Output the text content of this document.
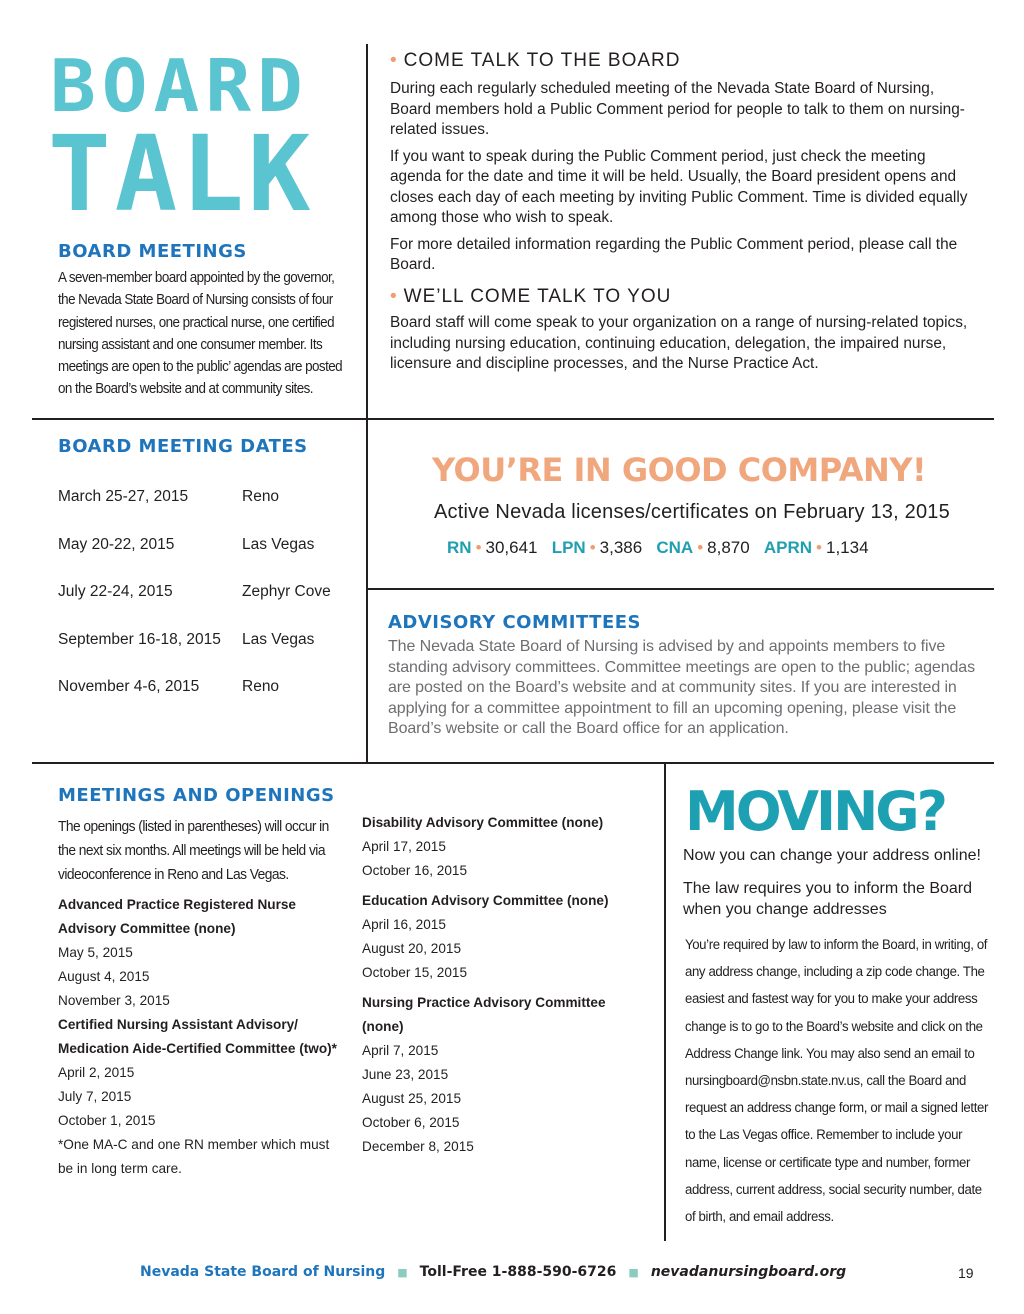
BOARD
TALK
BOARD MEETINGS
A seven-member board appointed by the governor, the Nevada State Board of Nursing consists of four registered nurses, one practical nurse, one certified nursing assistant and one consumer member. Its meetings are open to the public’ agendas are posted on the Board’s website and at community sites.
• COME TALK TO THE BOARD

During each regularly scheduled meeting of the Nevada State Board of Nursing, Board members hold a Public Comment period for people to talk to them on nursing-related issues.

If you want to speak during the Public Comment period, just check the meeting agenda for the date and time it will be held. Usually, the Board president opens and closes each day of each meeting by inviting Public Comment. Time is divided equally among those who wish to speak.

For more detailed information regarding the Public Comment period, please call the Board.

• WE’LL COME TALK TO YOU
Board staff will come speak to your organization on a range of nursing-related topics, including nursing education, continuing education, delegation, the impaired nurse, licensure and discipline processes, and the Nurse Practice Act.
BOARD MEETING DATES
March 25-27, 2015	Reno
May 20-22, 2015	Las Vegas
July 22-24, 2015	Zephyr Cove
September 16-18, 2015 Las Vegas
November 4-6, 2015	Reno
YOU’RE IN GOOD COMPANY!
Active Nevada licenses/certificates on February 13, 2015
RN • 30,641 LPN • 3,386 CNA • 8,870 APRN • 1,134
ADVISORY COMMITTEES
The Nevada State Board of Nursing is advised by and appoints members to five standing advisory committees. Committee meetings are open to the public; agendas are posted on the Board’s website and at community sites. If you are interested in applying for a committee appointment to fill an upcoming opening, please visit the Board’s website or call the Board office for an application.
MEETINGS AND OPENINGS
The openings (listed in parentheses) will occur in the next six months. All meetings will be held via videoconference in Reno and Las Vegas.
Advanced Practice Registered Nurse Advisory Committee (none)
May 5, 2015
August 4, 2015
November 3, 2015
Certified Nursing Assistant Advisory/ Medication Aide-Certified Committee (two)*
April 2, 2015
July 7, 2015
October 1, 2015
*One MA-C and one RN member which must be in long term care.
Disability Advisory Committee (none)
April 17, 2015
October 16, 2015
Education Advisory Committee (none)
April 16, 2015
August 20, 2015
October 15, 2015
Nursing Practice Advisory Committee (none)
April 7, 2015
June 23, 2015
August 25, 2015
October 6, 2015
December 8, 2015
MOVING?
Now you can change your address online!
The law requires you to inform the Board when you change addresses
You’re required by law to inform the Board, in writing, of any address change, including a zip code change. The easiest and fastest way for you to make your address change is to go to the Board’s website and click on the Address Change link. You may also send an email to nursingboard@nsbn.state.nv.us, call the Board and request an address change form, or mail a signed letter to the Las Vegas office. Remember to include your name, license or certificate type and number, former address, current address, social security number, date of birth, and email address.
Nevada State Board of Nursing ■ Toll-Free 1-888-590-6726 ■ nevadanursingboard.org	19
